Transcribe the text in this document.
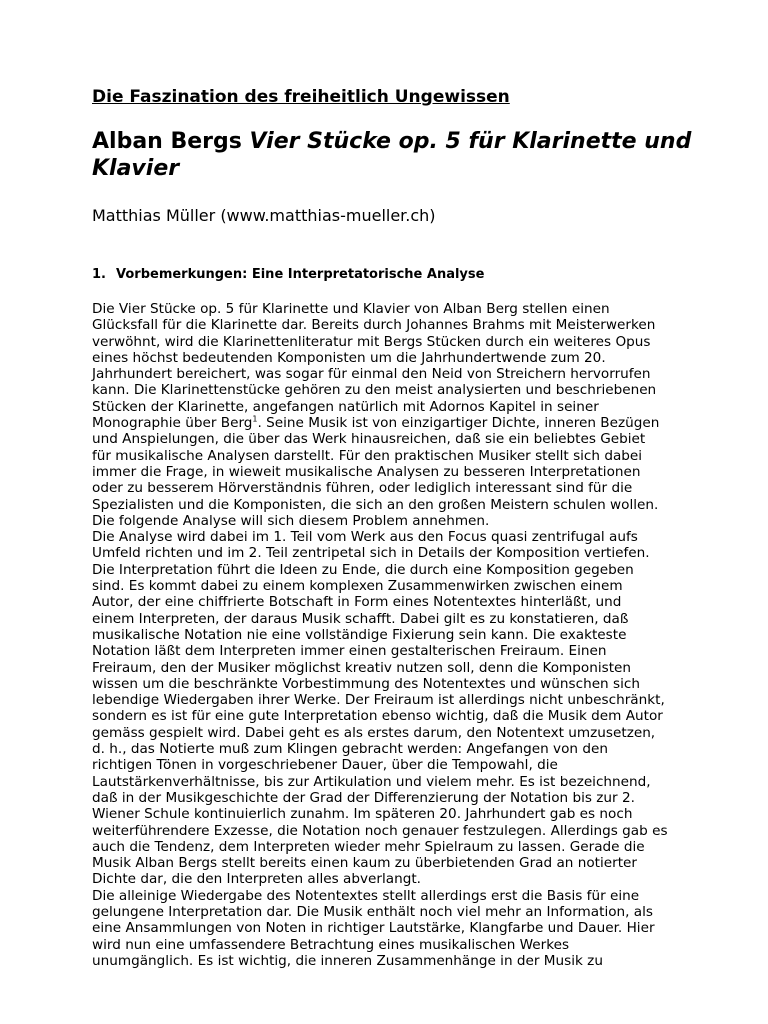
Die Faszination des freiheitlich Ungewissen

Alban Bergs Vier Stücke op. 5 für Klarinette und
Klavier

Matthias Müller (www.matthias-mueller.ch)

1. Vorbemerkungen: Eine Interpretatorische Analyse
Die Vier Stücke op. 5 für Klarinette und Klavier von Alban Berg stellen einen
Glücksfall für die Klarinette dar. Bereits durch Johannes Brahms mit Meisterwerken
verwöhnt, wird die Klarinettenliteratur mit Bergs Stücken durch ein weiteres Opus
eines höchst bedeutenden Komponisten um die Jahrhundertwende zum 20.
Jahrhundert bereichert, was sogar für einmal den Neid von Streichern hervorrufen
kann. Die Klarinettenstücke gehören zu den meist analysierten und beschriebenen
Stücken der Klarinette, angefangen natürlich mit Adornos Kapitel in seiner
Monographie über Berg$^1$. Seine Musik ist von einzigartiger Dichte, inneren Bezügen
und Anspielungen, die über das Werk hinausreichen, daß sie ein beliebtes Gebiet
für musikalische Analysen darstellt. Für den praktischen Musiker stellt sich dabei
immer die Frage, in wieweit musikalische Analysen zu besseren Interpretationen
oder zu besserem Hörverständnis führen, oder lediglich interessant sind für die
Spezialisten und die Komponisten, die sich an den großen Meistern schulen wollen.
Die folgende Analyse will sich diesem Problem annehmen.
Die Analyse wird dabei im 1. Teil vom Werk aus den Focus quasi zentrifugal aufs
Umfeld richten und im 2. Teil zentripetal sich in Details der Komposition vertiefen.
Die Interpretation führt die Ideen zu Ende, die durch eine Komposition gegeben
sind. Es kommt dabei zu einem komplexen Zusammenwirken zwischen einem
Autor, der eine chiffrierte Botschaft in Form eines Notentextes hinterläßt, und
einem Interpreten, der daraus Musik schafft. Dabei gilt es zu konstatieren, daß
musikalische Notation nie eine vollständige Fixierung sein kann. Die exakteste
Notation läßt dem Interpreten immer einen gestalterischen Freiraum. Einen
Freiraum, den der Musiker möglichst kreativ nutzen soll, denn die Komponisten
wissen um die beschränkte Vorbestimmung des Notentextes und wünschen sich
lebendige Wiedergaben ihrer Werke. Der Freiraum ist allerdings nicht unbeschränkt,
sondern es ist für eine gute Interpretation ebenso wichtig, daß die Musik dem Autor
gemäss gespielt wird. Dabei geht es als erstes darum, den Notentext umzusetzen,
d. h., das Notierte muß zum Klingen gebracht werden: Angefangen von den
richtigen Tönen in vorgeschriebener Dauer, über die Tempowahl, die
Lautstärkenverhältnisse, bis zur Artikulation und vielem mehr. Es ist bezeichnend,
daß in der Musikgeschichte der Grad der Differenzierung der Notation bis zur 2.
Wiener Schule kontinuierlich zunahm. Im späteren 20. Jahrhundert gab es noch
weiterführendere Exzesse, die Notation noch genauer festzulegen. Allerdings gab es
auch die Tendenz, dem Interpreten wieder mehr Spielraum zu lassen. Gerade die
Musik Alban Bergs stellt bereits einen kaum zu überbietenden Grad an notierter
Dichte dar, die den Interpreten alles abverlangt.
Die alleinige Wiedergabe des Notentextes stellt allerdings erst die Basis für eine
gelungene Interpretation dar. Die Musik enthält noch viel mehr an Information, als
eine Ansammlungen von Noten in richtiger Lautstärke, Klangfarbe und Dauer. Hier
wird nun eine umfassendere Betrachtung eines musikalischen Werkes
unumgänglich. Es ist wichtig, die inneren Zusammenhänge in der Musik zu
